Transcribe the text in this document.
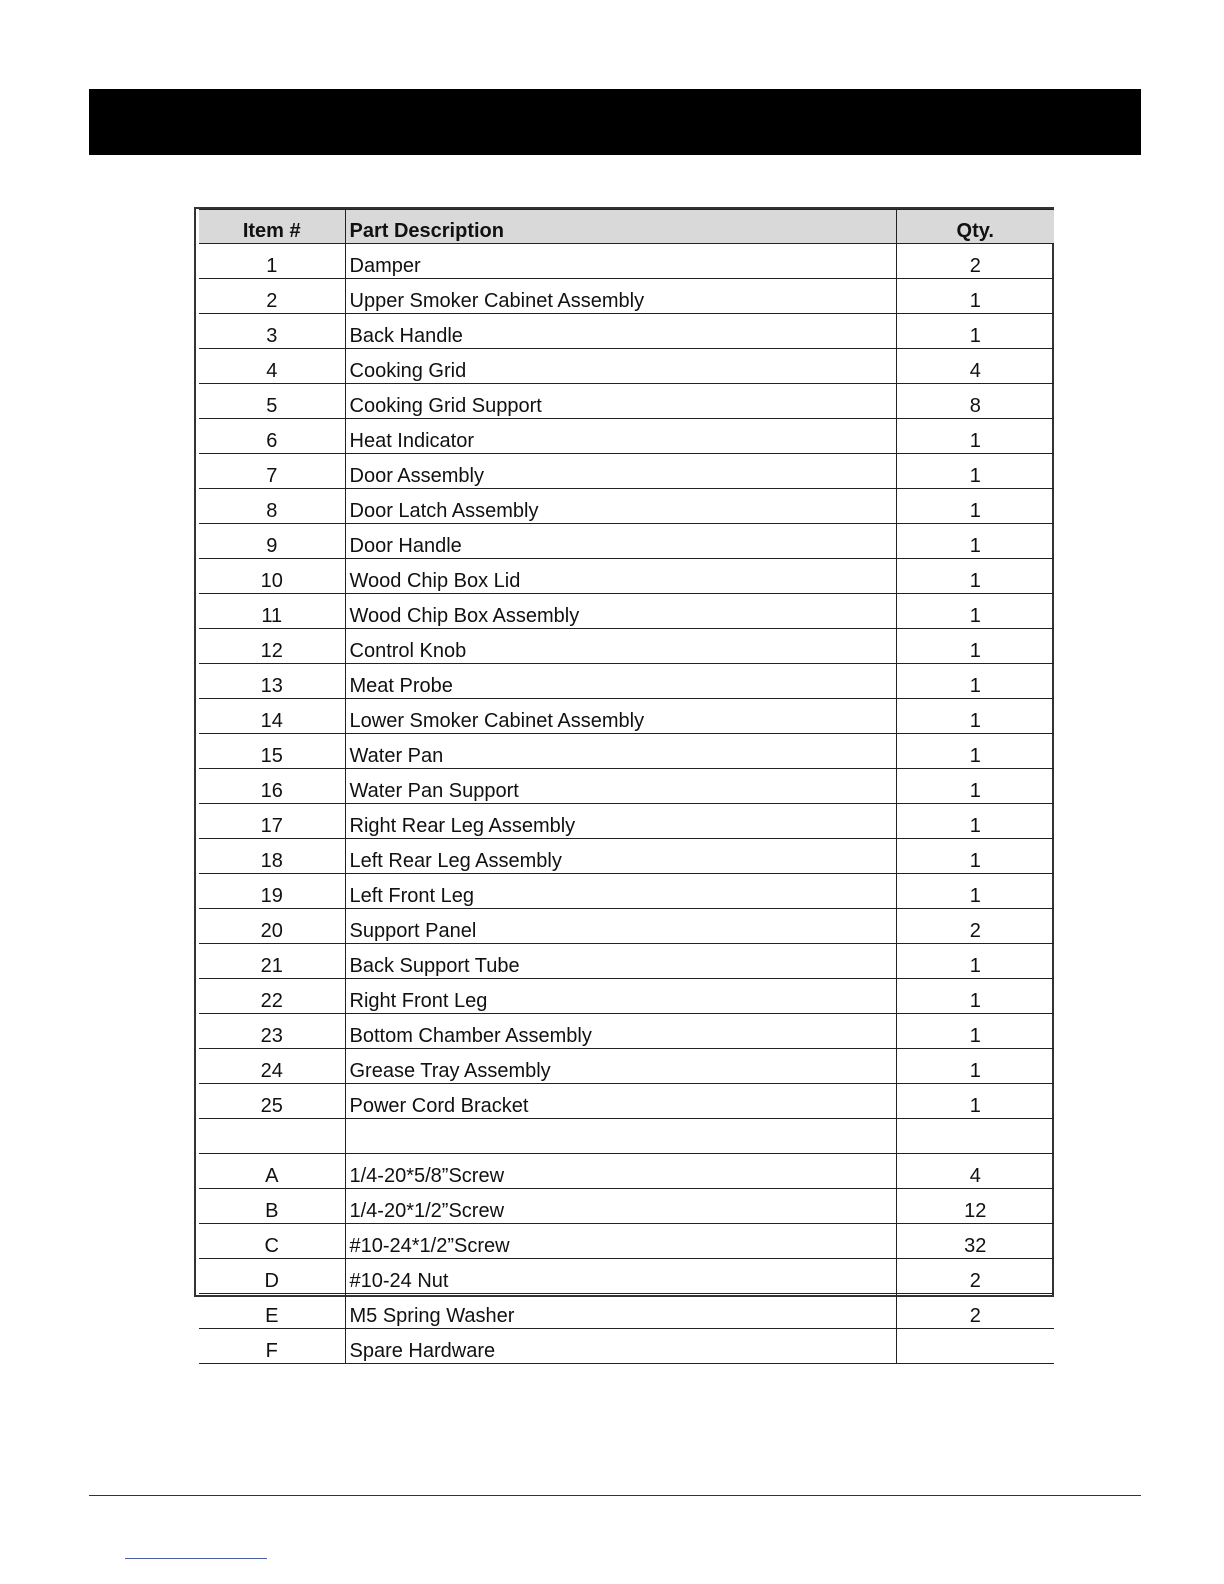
Item #	Part Description	Qty.
1	Damper	2
2	Upper Smoker Cabinet Assembly	1
3	Back Handle	1
4	Cooking Grid	4
5	Cooking Grid Support	8
6	Heat Indicator	1
7	Door Assembly	1
8	Door Latch Assembly	1
9	Door Handle	1
10	Wood Chip Box Lid	1
11	Wood Chip Box Assembly	1
12	Control Knob	1
13	Meat Probe	1
14	Lower Smoker Cabinet Assembly	1
15	Water Pan	1
16	Water Pan Support	1
17	Right Rear Leg Assembly	1
18	Left Rear Leg Assembly	1
19	Left Front Leg	1
20	Support Panel	2
21	Back Support Tube	1
22	Right Front Leg	1
23	Bottom Chamber Assembly	1
24	Grease Tray Assembly	1
25	Power Cord Bracket	1

A	1/4-20*5/8”Screw	4
B	1/4-20*1/2”Screw	12
C	#10-24*1/2”Screw	32
D	#10-24 Nut	2
E	M5 Spring Washer	2
F	Spare Hardware	
